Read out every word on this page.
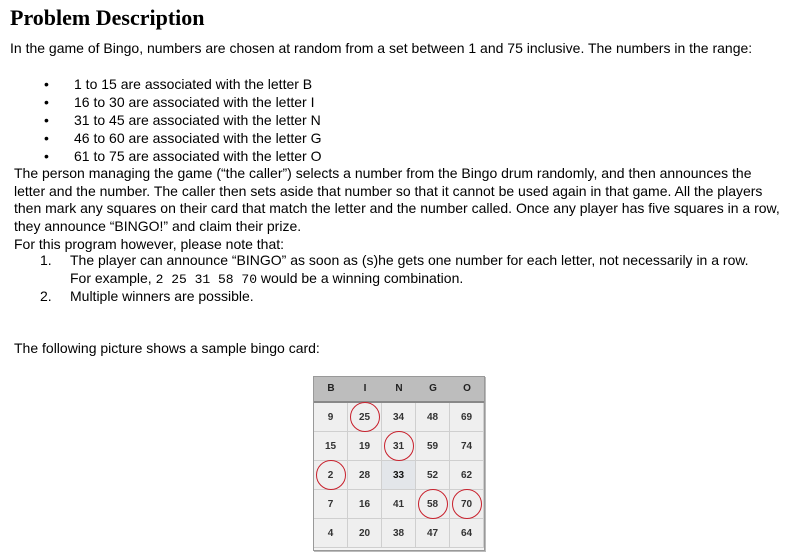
Problem Description
In the game of Bingo, numbers are chosen at random from a set between 1 and 75 inclusive. The numbers in the range:
• 1 to 15 are associated with the letter B
• 16 to 30 are associated with the letter I
• 31 to 45 are associated with the letter N
• 46 to 60 are associated with the letter G
• 61 to 75 are associated with the letter O
The person managing the game (“the caller”) selects a number from the Bingo drum randomly, and then announces the letter and the number. The caller then sets aside that number so that it cannot be used again in that game. All the players then mark any squares on their card that match the letter and the number called. Once any player has five squares in a row, they announce “BINGO!” and claim their prize.
For this program however, please note that:
1. The player can announce “BINGO” as soon as (s)he gets one number for each letter, not necessarily in a row. For example, 2 25 31 58 70 would be a winning combination.
2. Multiple winners are possible.
The following picture shows a sample bingo card:
B	I	N	G	O
9	25 34 48 69
15 19 31 59 74
2	28 33 52 62
7	16 41 58 70
4	20 38 47 64
